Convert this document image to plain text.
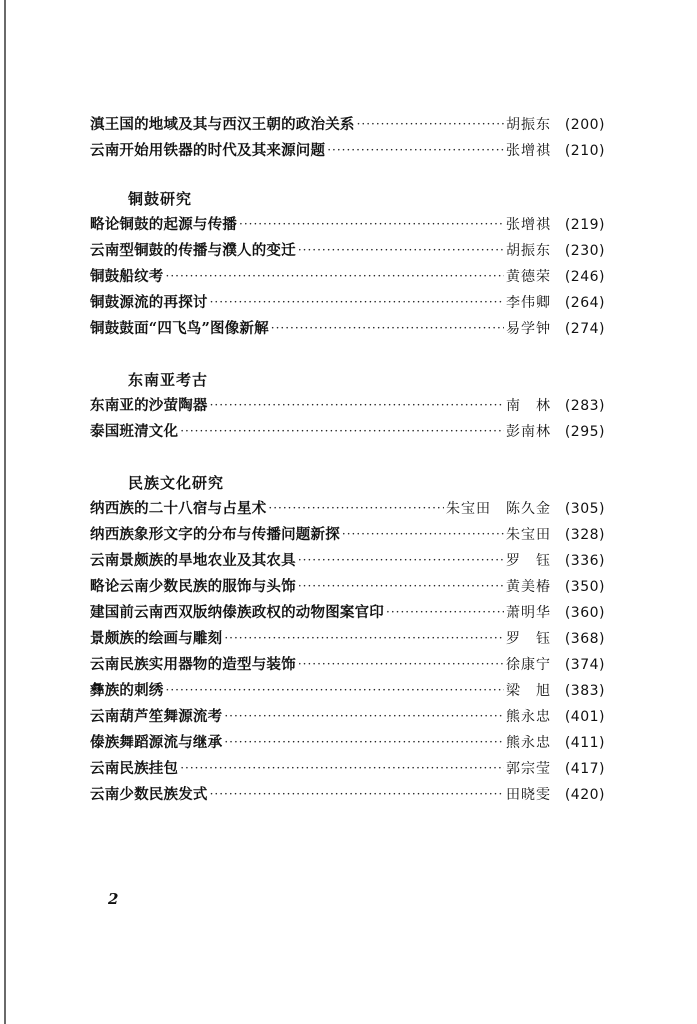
滇王国的地域及其与西汉王朝的政治关系 ·····	胡振东 (200)
云南开始用铁器的时代及其来源问题 ·····	张增祺 (210)
铜鼓研究
略论铜鼓的起源与传播 ·····	张增祺 (219)
云南型铜鼓的传播与濮人的变迁 ·····	胡振东 (230)
铜鼓船纹考 ·····	黄德荣 (246)
铜鼓源流的再探讨 ·····	李伟卿 (264)
铜鼓鼓面“四飞鸟”图像新解 ·····	易学钟 (274)
东南亚考古
东南亚的沙萤陶器 ·····	南　林 (283)
泰国班清文化 ·····	彭南林 (295)
民族文化研究
纳西族的二十八宿与占星术 ·····	朱宝田　陈久金 (305)
纳西族象形文字的分布与传播问题新探 ·····	朱宝田 (328)
云南景颇族的旱地农业及其农具 ·····	罗　钰 (336)
略论云南少数民族的服饰与头饰 ·····	黄美椿 (350)
建国前云南西双版纳傣族政权的动物图案官印 ·····	萧明华 (360)
景颇族的绘画与雕刻 ·····	罗　钰 (368)
云南民族实用器物的造型与装饰 ·····	徐康宁 (374)
彝族的刺绣 ·····	梁　旭 (383)
云南葫芦笙舞源流考 ·····	熊永忠 (401)
傣族舞蹈源流与继承 ·····	熊永忠 (411)
云南民族挂包 ·····	郭宗莹 (417)
云南少数民族发式 ·····	田晓雯 (420)
2
